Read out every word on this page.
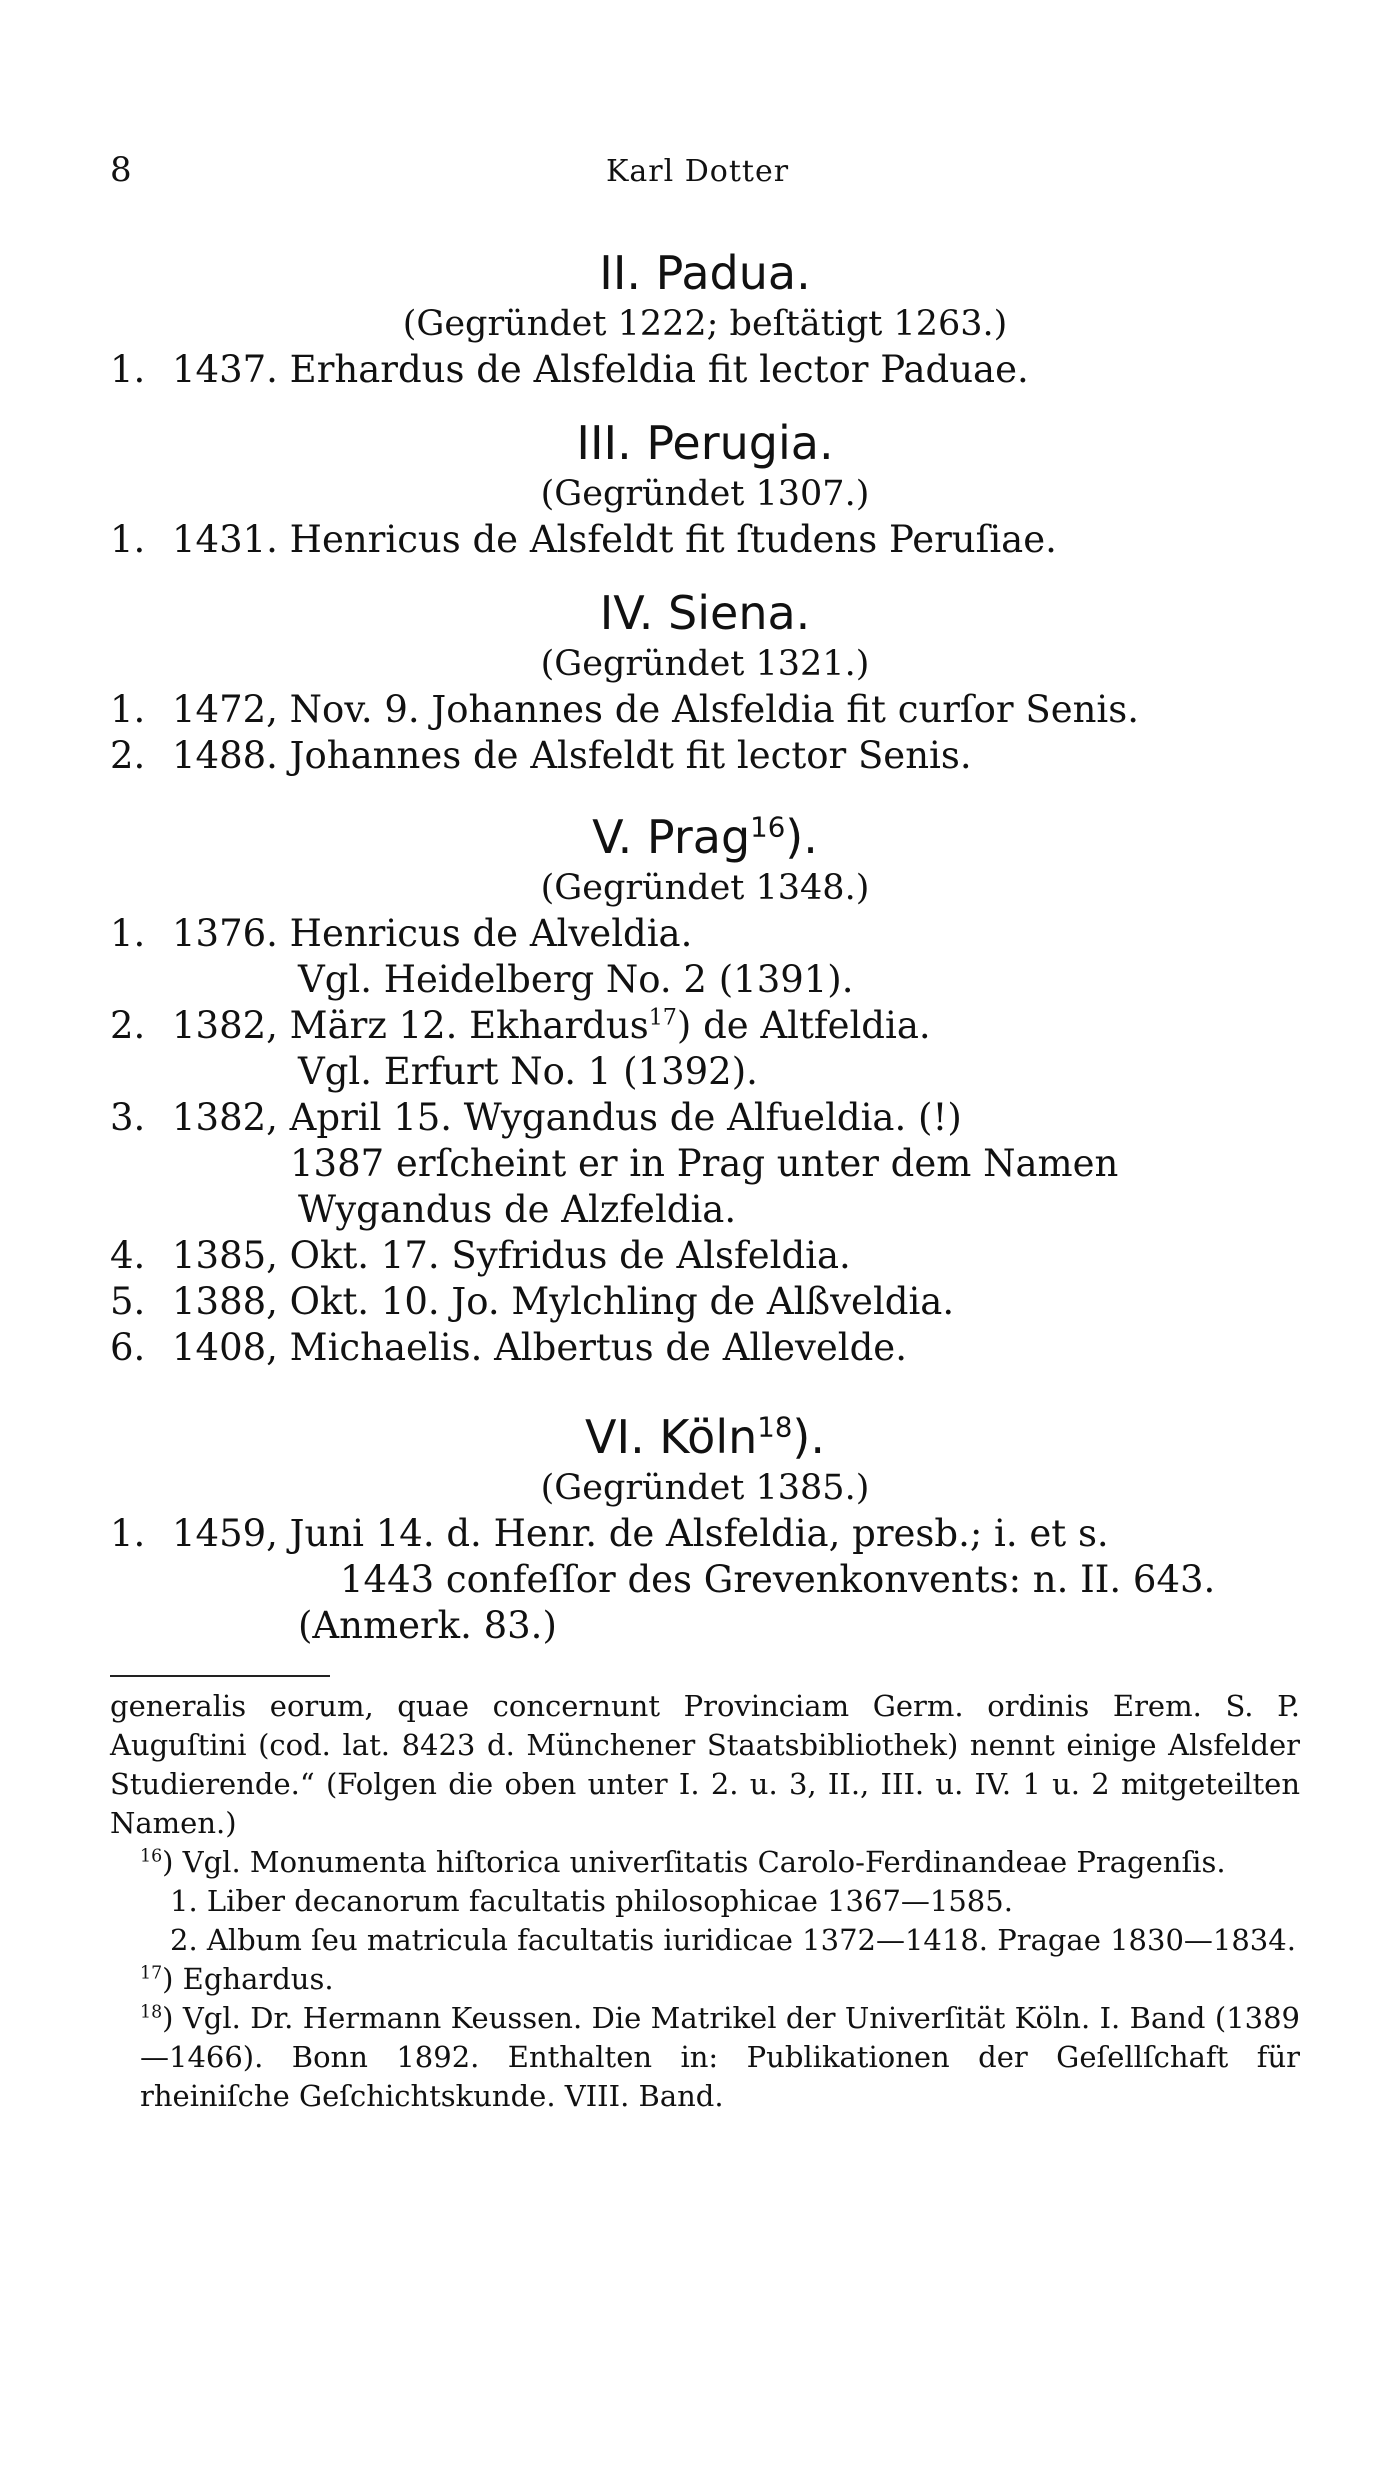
8	Karl Dotter
II. Padua.
(Gegründet 1222; beſtätigt 1263.)
1. 1437. Erhardus de Alsfeldia fit lector Paduae.
III. Perugia.
(Gegründet 1307.)
1. 1431. Henricus de Alsfeldt fit ſtudens Peruſiae.
IV. Siena.
(Gegründet 1321.)
1. 1472, Nov. 9. Johannes de Alsfeldia fit curſor Senis.
2. 1488. Johannes de Alsfeldt fit lector Senis.
V. Prag$^{16}$).
(Gegründet 1348.)
1. 1376. Henricus de Alveldia.
Vgl. Heidelberg No. 2 (1391).
2. 1382, März 12. Ekhardus$^{17}$) de Altfeldia.
Vgl. Erfurt No. 1 (1392).
3. 1382, April 15. Wygandus de Alfueldia. (!)
1387 erſcheint er in Prag unter dem Namen
Wygandus de Alzfeldia.
4. 1385, Okt. 17. Syfridus de Alsfeldia.
5. 1388, Okt. 10. Jo. Mylchling de Alßveldia.
6. 1408, Michaelis. Albertus de Allevelde.
VI. Köln$^{18}$).
(Gegründet 1385.)
1. 1459, Juni 14. d. Henr. de Alsfeldia, presb.; i. et s.
1443 confeſſor des Grevenkonvents: n. II. 643.
(Anmerk. 83.)
generalis eorum, quae concernunt Provinciam Germ. ordinis Erem. S. P. Auguſtini (cod. lat. 8423 d. Münchener Staatsbibliothek) nennt einige Alsfelder Studierende.“ (Folgen die oben unter I. 2. u. 3, II., III. u. IV. 1 u. 2 mitgeteilten Namen.)
$^{16}$) Vgl. Monumenta hiſtorica univerſitatis Carolo-Ferdinandeae Pragenſis.
1. Liber decanorum facultatis philosophicae 1367—1585.
2. Album ſeu matricula facultatis iuridicae 1372—1418. Pragae 1830—1834.
$^{17}$) Eghardus.
$^{18}$) Vgl. Dr. Hermann Keussen. Die Matrikel der Univerſität Köln. I. Band (1389—1466). Bonn 1892. Enthalten in: Publikationen der Geſellſchaft für rheiniſche Geſchichtskunde. VIII. Band.
